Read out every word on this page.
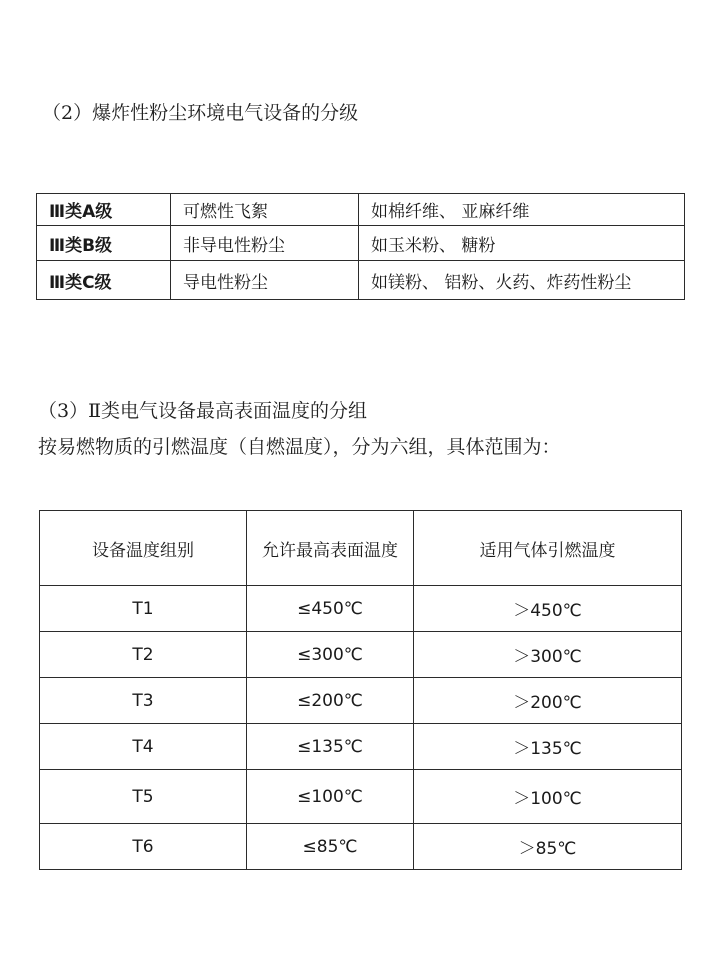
（2）爆炸性粉尘环境电气设备的分级
Ⅲ类A级	可燃性飞絮	如棉纤维、 亚麻纤维
Ⅲ类B级	非导电性粉尘	如玉米粉、 糖粉
Ⅲ类C级	导电性粉尘	如镁粉、 铝粉、火药、炸药性粉尘
（3）Ⅱ类电气设备最高表面温度的分组
按易燃物质的引燃温度（自燃温度），分为六组，具体范围为：
设备温度组别	允许最高表面温度	适用气体引燃温度
T1	≤450℃	＞450℃
T2	≤300℃	＞300℃
T3	≤200℃	＞200℃
T4	≤135℃	＞135℃
T5	≤100℃	＞100℃
T6	≤85℃	＞85℃
